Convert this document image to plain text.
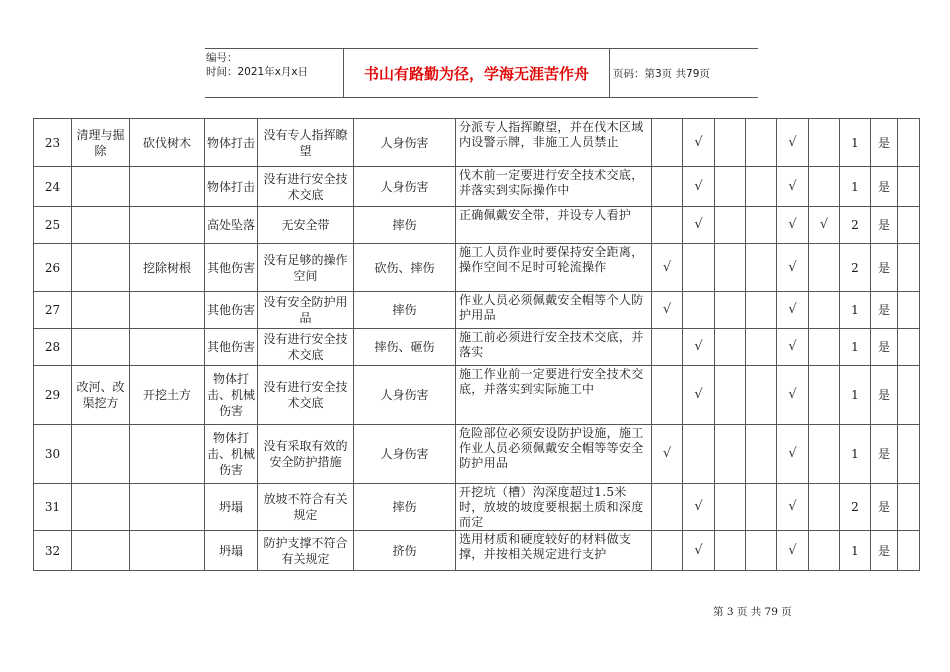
编号：
时间：2021年x月x日	书山有路勤为径，学海无涯苦作舟	页码：第3页 共79页
23	清理与掘除	砍伐树木	物体打击	没有专人指挥瞭望	人身伤害	分派专人指挥瞭望，并在伐木区域内设警示牌，非施工人员禁止		√			√		1	是	
24			物体打击	没有进行安全技术交底	人身伤害	伐木前一定要进行安全技术交底，并落实到实际操作中		√			√		1	是	
25			高处坠落	无安全带	摔伤	正确佩戴安全带，并设专人看护		√			√	√	2	是	
26		挖除树根	其他伤害	没有足够的操作空间	砍伤、摔伤	施工人员作业时要保持安全距离，操作空间不足时可轮流操作	√				√		2	是	
27			其他伤害	没有安全防护用品	摔伤	作业人员必须佩戴安全帽等个人防护用品	√				√		1	是	
28			其他伤害	没有进行安全技术交底	摔伤、砸伤	施工前必须进行安全技术交底，并落实		√			√		1	是	
29	改河、改渠挖方	开挖土方	物体打击、机械伤害	没有进行安全技术交底	人身伤害	施工作业前一定要进行安全技术交底，并落实到实际施工中		√			√		1	是	
30			物体打击、机械伤害	没有采取有效的安全防护措施	人身伤害	危险部位必须安设防护设施，施工作业人员必须佩戴安全帽等等安全防护用品	√				√		1	是	
31			坍塌	放坡不符合有关规定	摔伤	开挖坑（槽）沟深度超过1.5米时，放坡的坡度要根据土质和深度而定		√			√		2	是	
32			坍塌	防护支撑不符合有关规定	挤伤	选用材质和硬度较好的材料做支撑，并按相关规定进行支护		√			√		1	是	
第 3 页 共 79 页
